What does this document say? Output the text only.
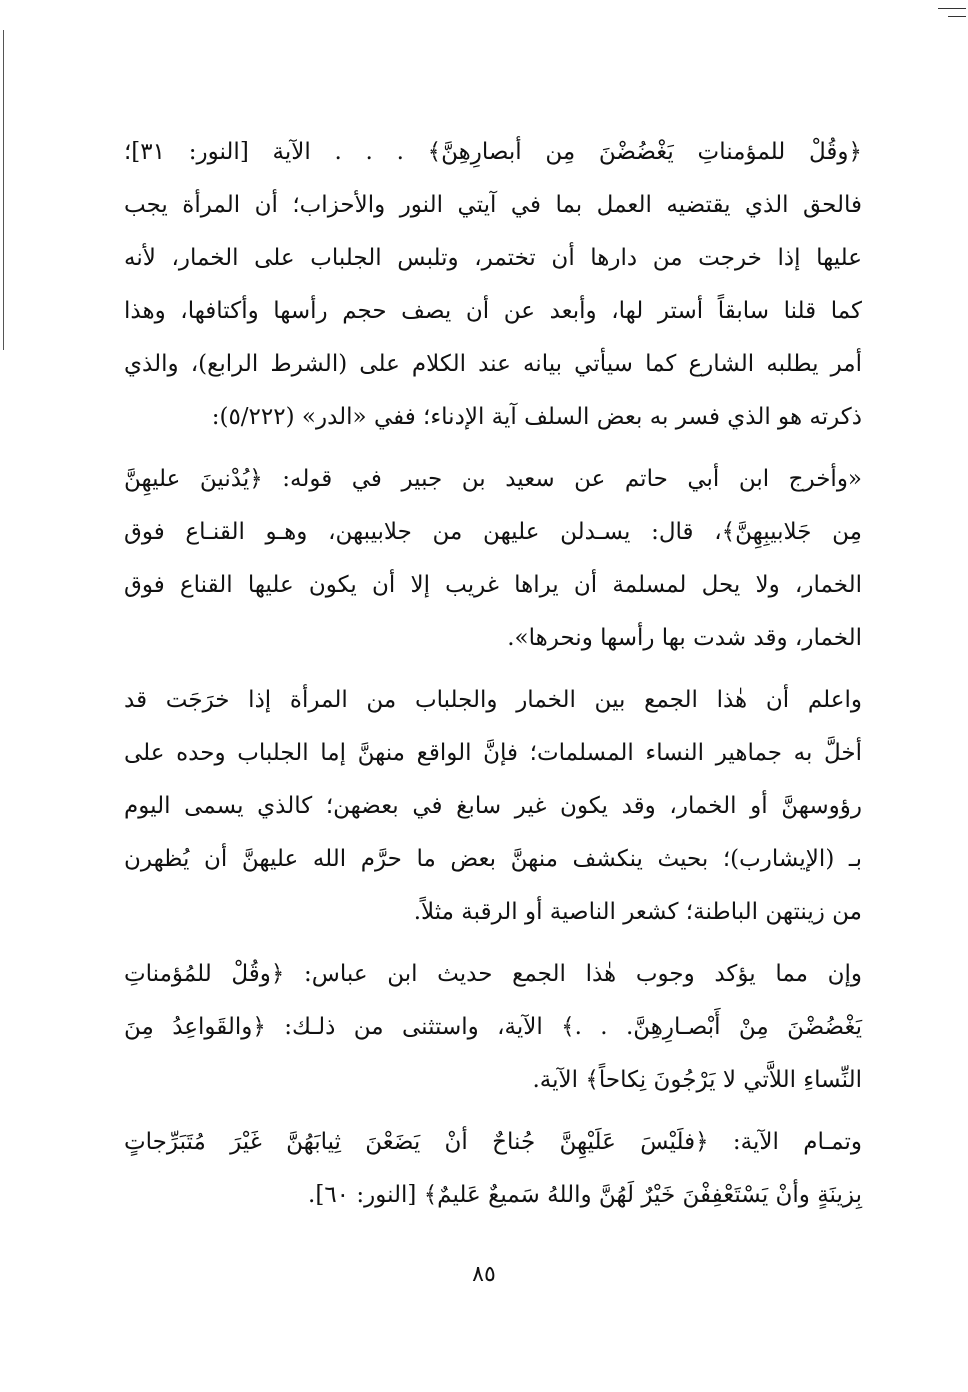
﴿وقُلْ للمؤمناتِ يَغْضُضْنَ مِن أبصارِهِنَّ﴾ . . . الآية [النور: ٣١]؛
فالحق الذي يقتضيه العمل بما في آيتي النور والأحزاب؛ أن المرأة يجب
عليها إذا خرجت من دارها أن تختمر، وتلبس الجلباب على الخمار، لأنه
كما قلنا سابقاً أستر لها، وأبعد عن أن يصف حجم رأسها وأكتافها، وهذا
أمر يطلبه الشارع كما سيأتي بيانه عند الكلام على (الشرط الرابع)، والذي
ذكرته هو الذي فسر به بعض السلف آية الإدناء؛ ففي «الدر» (٥/٢٢٢):

«وأخرج ابن أبي حاتم عن سعيد بن جبير في قوله: ﴿يُدْنينَ عليهِنَّ
مِن جَلابيبِهِنَّ﴾، قال: يسـدلن عليهن من جلابيبهن، وهـو القنـاع فوق
الخمار، ولا يحل لمسلمة أن يراها غريب إلا أن يكون عليها القناع فوق
الخمار، وقد شدت بها رأسها ونحرها».

واعلم أن هٰذا الجمع بين الخمار والجلباب من المرأة إذا خرَجَت قد
أخلَّ به جماهير النساء المسلمات؛ فإنَّ الواقع منهنَّ إما الجلباب وحده على
رؤوسهنَّ أو الخمار، وقد يكون غير سابغ في بعضهن؛ كالذي يسمى اليوم
بـ (الإيشارب)؛ بحيث ينكشف منهنَّ بعض ما حرَّم الله عليهنَّ أن يُظهرن
من زينتهن الباطنة؛ كشعر الناصية أو الرقبة مثلاً.

وإن مما يؤكد وجوب هٰذا الجمع حديث ابن عباس: ﴿وقُلْ للمُؤمناتِ
يَغْضُضْنَ مِنْ أَبْصـارِهِنَّ. . .﴾ الآية، واستثنى من ذلـك: ﴿والقَواعِدُ مِنَ
النِّساءِ اللاَّتي لا يَرْجُونَ نِكاحاً﴾ الآية.

وتمـام الآية: ﴿فلَيْسَ عَلَيْهِنَّ جُناحٌ أنْ يَضَعْنَ ثِيابَهُنَّ غَيْرَ مُتَبَرِّجاتٍ
بِزينَةٍ وأنْ يَسْتَعْفِفْنَ خَيْرٌ لَهُنَّ واللهُ سَميعٌ عَليمٌ﴾ [النور: ٦٠].

٨٥
